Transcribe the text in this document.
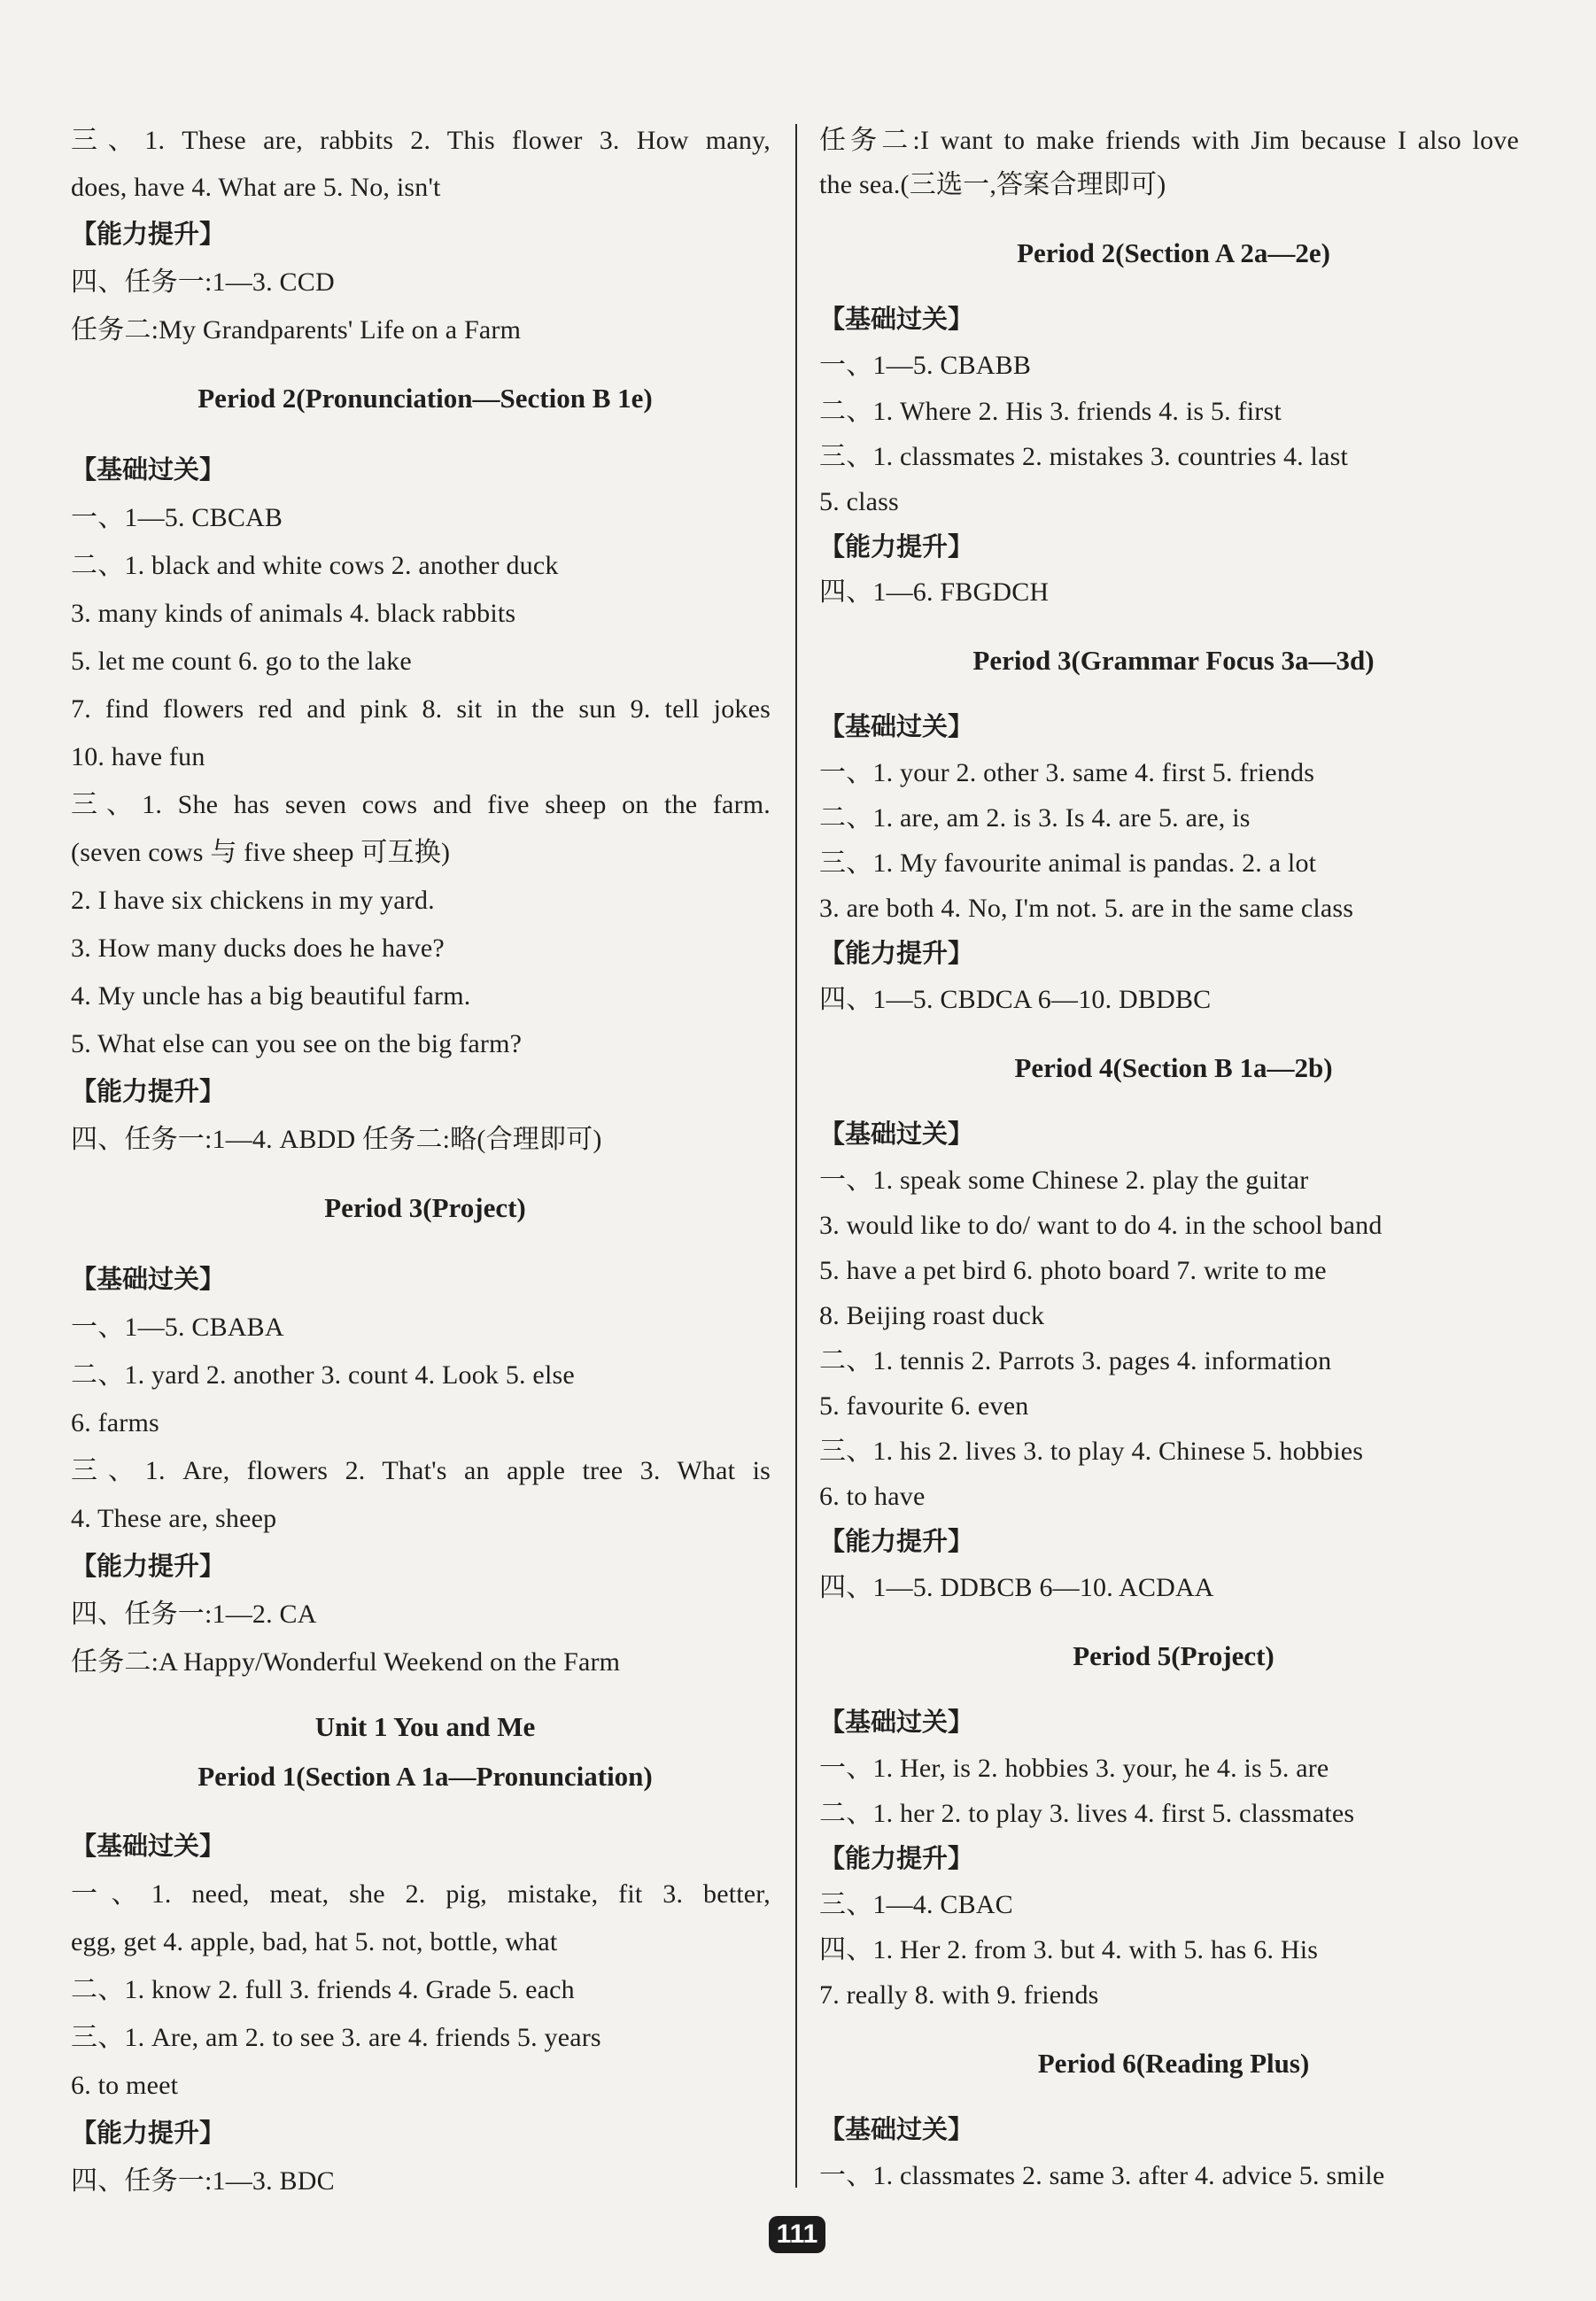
三、1. These are, rabbits 2. This flower 3. How many,
does, have 4. What are 5. No, isn't
【能力提升】
四、任务一:1—3. CCD
任务二:My Grandparents' Life on a Farm
Period 2(Pronunciation—Section B 1e)
【基础过关】
一、1—5. CBCAB
二、1. black and white cows 2. another duck
3. many kinds of animals 4. black rabbits
5. let me count 6. go to the lake
7. find flowers red and pink 8. sit in the sun 9. tell jokes
10. have fun
三、1. She has seven cows and five sheep on the farm.
(seven cows 与 five sheep 可互换)
2. I have six chickens in my yard.
3. How many ducks does he have?
4. My uncle has a big beautiful farm.
5. What else can you see on the big farm?
【能力提升】
四、任务一:1—4. ABDD 任务二:略(合理即可)
Period 3(Project)
【基础过关】
一、1—5. CBABA
二、1. yard 2. another 3. count 4. Look 5. else
6. farms
三、1. Are, flowers 2. That's an apple tree 3. What is
4. These are, sheep
【能力提升】
四、任务一:1—2. CA
任务二:A Happy/Wonderful Weekend on the Farm
Unit 1 You and Me
Period 1(Section A 1a—Pronunciation)
【基础过关】
一、1. need, meat, she 2. pig, mistake, fit 3. better,
egg, get 4. apple, bad, hat 5. not, bottle, what
二、1. know 2. full 3. friends 4. Grade 5. each
三、1. Are, am 2. to see 3. are 4. friends 5. years
6. to meet
【能力提升】
四、任务一:1—3. BDC
任务二:I want to make friends with Jim because I also love
the sea.(三选一,答案合理即可)
Period 2(Section A 2a—2e)
【基础过关】
一、1—5. CBABB
二、1. Where 2. His 3. friends 4. is 5. first
三、1. classmates 2. mistakes 3. countries 4. last
5. class
【能力提升】
四、1—6. FBGDCH
Period 3(Grammar Focus 3a—3d)
【基础过关】
一、1. your 2. other 3. same 4. first 5. friends
二、1. are, am 2. is 3. Is 4. are 5. are, is
三、1. My favourite animal is pandas. 2. a lot
3. are both 4. No, I'm not. 5. are in the same class
【能力提升】
四、1—5. CBDCA 6—10. DBDBC
Period 4(Section B 1a—2b)
【基础过关】
一、1. speak some Chinese 2. play the guitar
3. would like to do/ want to do 4. in the school band
5. have a pet bird 6. photo board 7. write to me
8. Beijing roast duck
二、1. tennis 2. Parrots 3. pages 4. information
5. favourite 6. even
三、1. his 2. lives 3. to play 4. Chinese 5. hobbies
6. to have
【能力提升】
四、1—5. DDBCB 6—10. ACDAA
Period 5(Project)
【基础过关】
一、1. Her, is 2. hobbies 3. your, he 4. is 5. are
二、1. her 2. to play 3. lives 4. first 5. classmates
【能力提升】
三、1—4. CBAC
四、1. Her 2. from 3. but 4. with 5. has 6. His
7. really 8. with 9. friends
Period 6(Reading Plus)
【基础过关】
一、1. classmates 2. same 3. after 4. advice 5. smile
111
